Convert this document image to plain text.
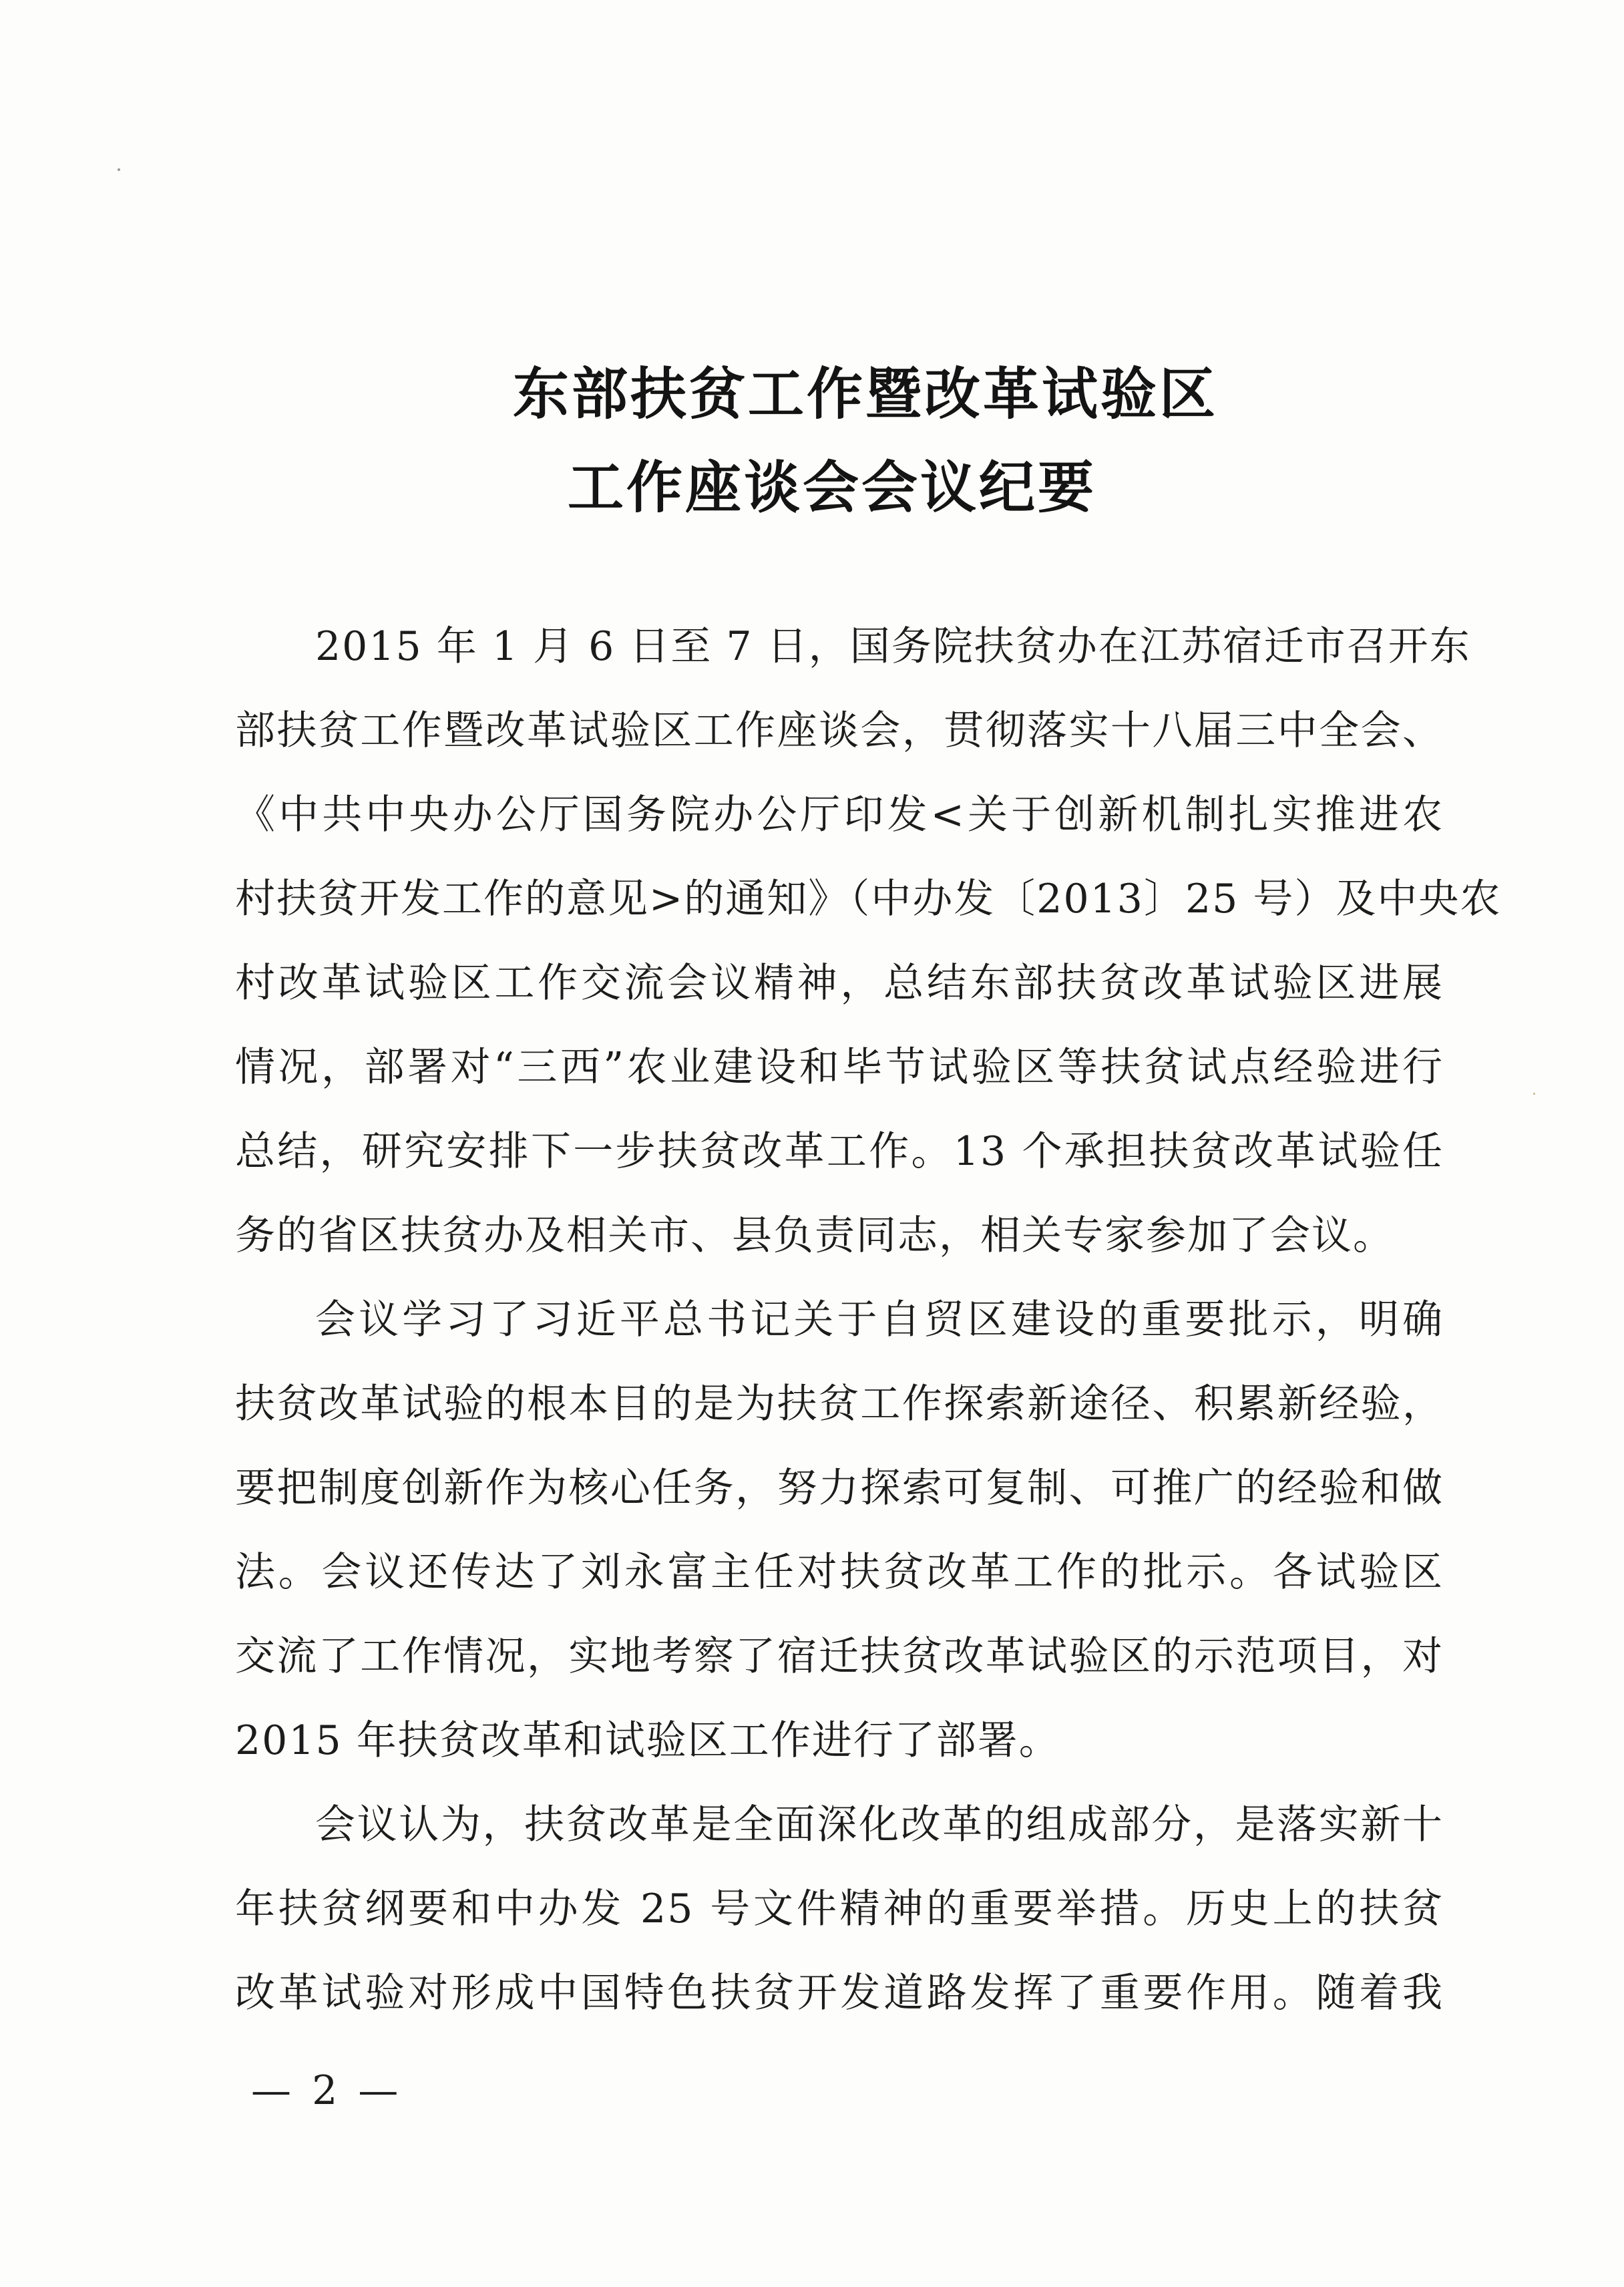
东部扶贫工作暨改革试验区
工作座谈会会议纪要
2015 年 1 月 6 日至 7 日，国务院扶贫办在江苏宿迁市召开东
部扶贫工作暨改革试验区工作座谈会，贯彻落实十八届三中全会、
《中共中央办公厅国务院办公厅印发<关于创新机制扎实推进农
村扶贫开发工作的意见>的通知》（中办发〔2013〕25 号）及中央农
村改革试验区工作交流会议精神，总结东部扶贫改革试验区进展
情况，部署对“三西”农业建设和毕节试验区等扶贫试点经验进行
总结，研究安排下一步扶贫改革工作。13 个承担扶贫改革试验任
务的省区扶贫办及相关市、县负责同志，相关专家参加了会议。
会议学习了习近平总书记关于自贸区建设的重要批示，明确
扶贫改革试验的根本目的是为扶贫工作探索新途径、积累新经验，
要把制度创新作为核心任务，努力探索可复制、可推广的经验和做
法。会议还传达了刘永富主任对扶贫改革工作的批示。各试验区
交流了工作情况，实地考察了宿迁扶贫改革试验区的示范项目，对
2015 年扶贫改革和试验区工作进行了部署。
会议认为，扶贫改革是全面深化改革的组成部分，是落实新十
年扶贫纲要和中办发 25 号文件精神的重要举措。历史上的扶贫
改革试验对形成中国特色扶贫开发道路发挥了重要作用。随着我
— 2 —
